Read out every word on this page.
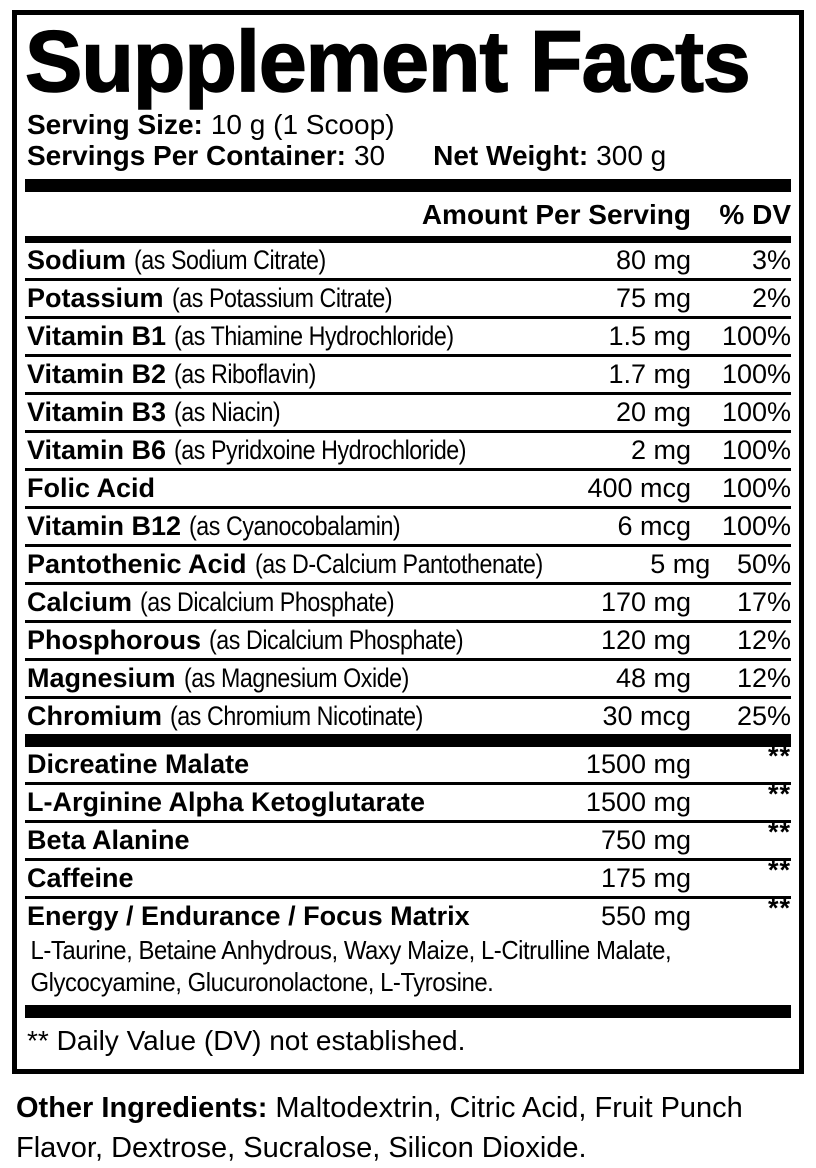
Supplement Facts
Serving Size: 10 g (1 Scoop)
Servings Per Container: 30 Net Weight: 300 g
Amount Per Serving	% DV
Sodium (as Sodium Citrate)	80 mg	3%
Potassium (as Potassium Citrate)	75 mg	2%
Vitamin B1 (as Thiamine Hydrochloride)	1.5 mg	100%
Vitamin B2 (as Riboflavin)	1.7 mg	100%
Vitamin B3 (as Niacin)	20 mg	100%
Vitamin B6 (as Pyridxoine Hydrochloride)	2 mg	100%
Folic Acid	400 mcg	100%
Vitamin B12 (as Cyanocobalamin)	6 mcg	100%
Pantothenic Acid (as D-Calcium Pantothenate)	5 mg 50%
Calcium (as Dicalcium Phosphate)	170 mg	17%
Phosphorous (as Dicalcium Phosphate)	120 mg	12%
Magnesium (as Magnesium Oxide)	48 mg	12%
Chromium (as Chromium Nicotinate)	30 mcg	25%
Dicreatine Malate	1500 mg	**
L-Arginine Alpha Ketoglutarate	1500 mg	**
Beta Alanine	750 mg	**
Caffeine	175 mg	**
Energy / Endurance / Focus Matrix	550 mg	**
L-Taurine, Betaine Anhydrous, Waxy Maize, L-Citrulline Malate, Glycocyamine, Glucuronolactone, L-Tyrosine.
** Daily Value (DV) not established.
Other Ingredients: Maltodextrin, Citric Acid, Fruit Punch Flavor, Dextrose, Sucralose, Silicon Dioxide.
